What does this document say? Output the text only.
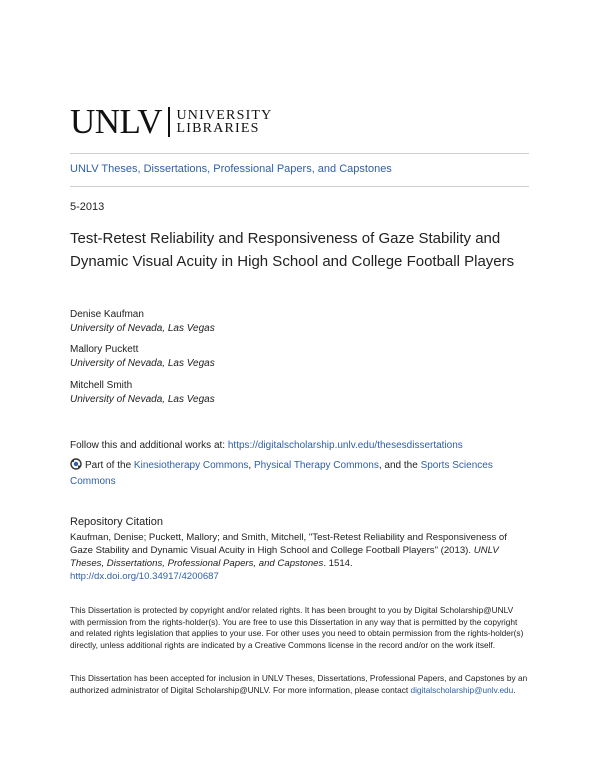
UNLV UNIVERSITY
LIBRARIES
UNLV Theses, Dissertations, Professional Papers, and Capstones
5-2013
Test-Retest Reliability and Responsiveness of Gaze Stability and Dynamic Visual Acuity in High School and College Football Players
Denise Kaufman
University of Nevada, Las Vegas
Mallory Puckett
University of Nevada, Las Vegas
Mitchell Smith
University of Nevada, Las Vegas
Follow this and additional works at: https://digitalscholarship.unlv.edu/thesesdissertations
Part of the Kinesiotherapy Commons, Physical Therapy Commons, and the Sports Sciences Commons
Repository Citation
Kaufman, Denise; Puckett, Mallory; and Smith, Mitchell, "Test-Retest Reliability and Responsiveness of Gaze Stability and Dynamic Visual Acuity in High School and College Football Players" (2013). UNLV Theses, Dissertations, Professional Papers, and Capstones. 1514.
http://dx.doi.org/10.34917/4200687
This Dissertation is protected by copyright and/or related rights. It has been brought to you by Digital Scholarship@UNLV with permission from the rights-holder(s). You are free to use this Dissertation in any way that is permitted by the copyright and related rights legislation that applies to your use. For other uses you need to obtain permission from the rights-holder(s) directly, unless additional rights are indicated by a Creative Commons license in the record and/or on the work itself.
This Dissertation has been accepted for inclusion in UNLV Theses, Dissertations, Professional Papers, and Capstones by an authorized administrator of Digital Scholarship@UNLV. For more information, please contact digitalscholarship@unlv.edu.
